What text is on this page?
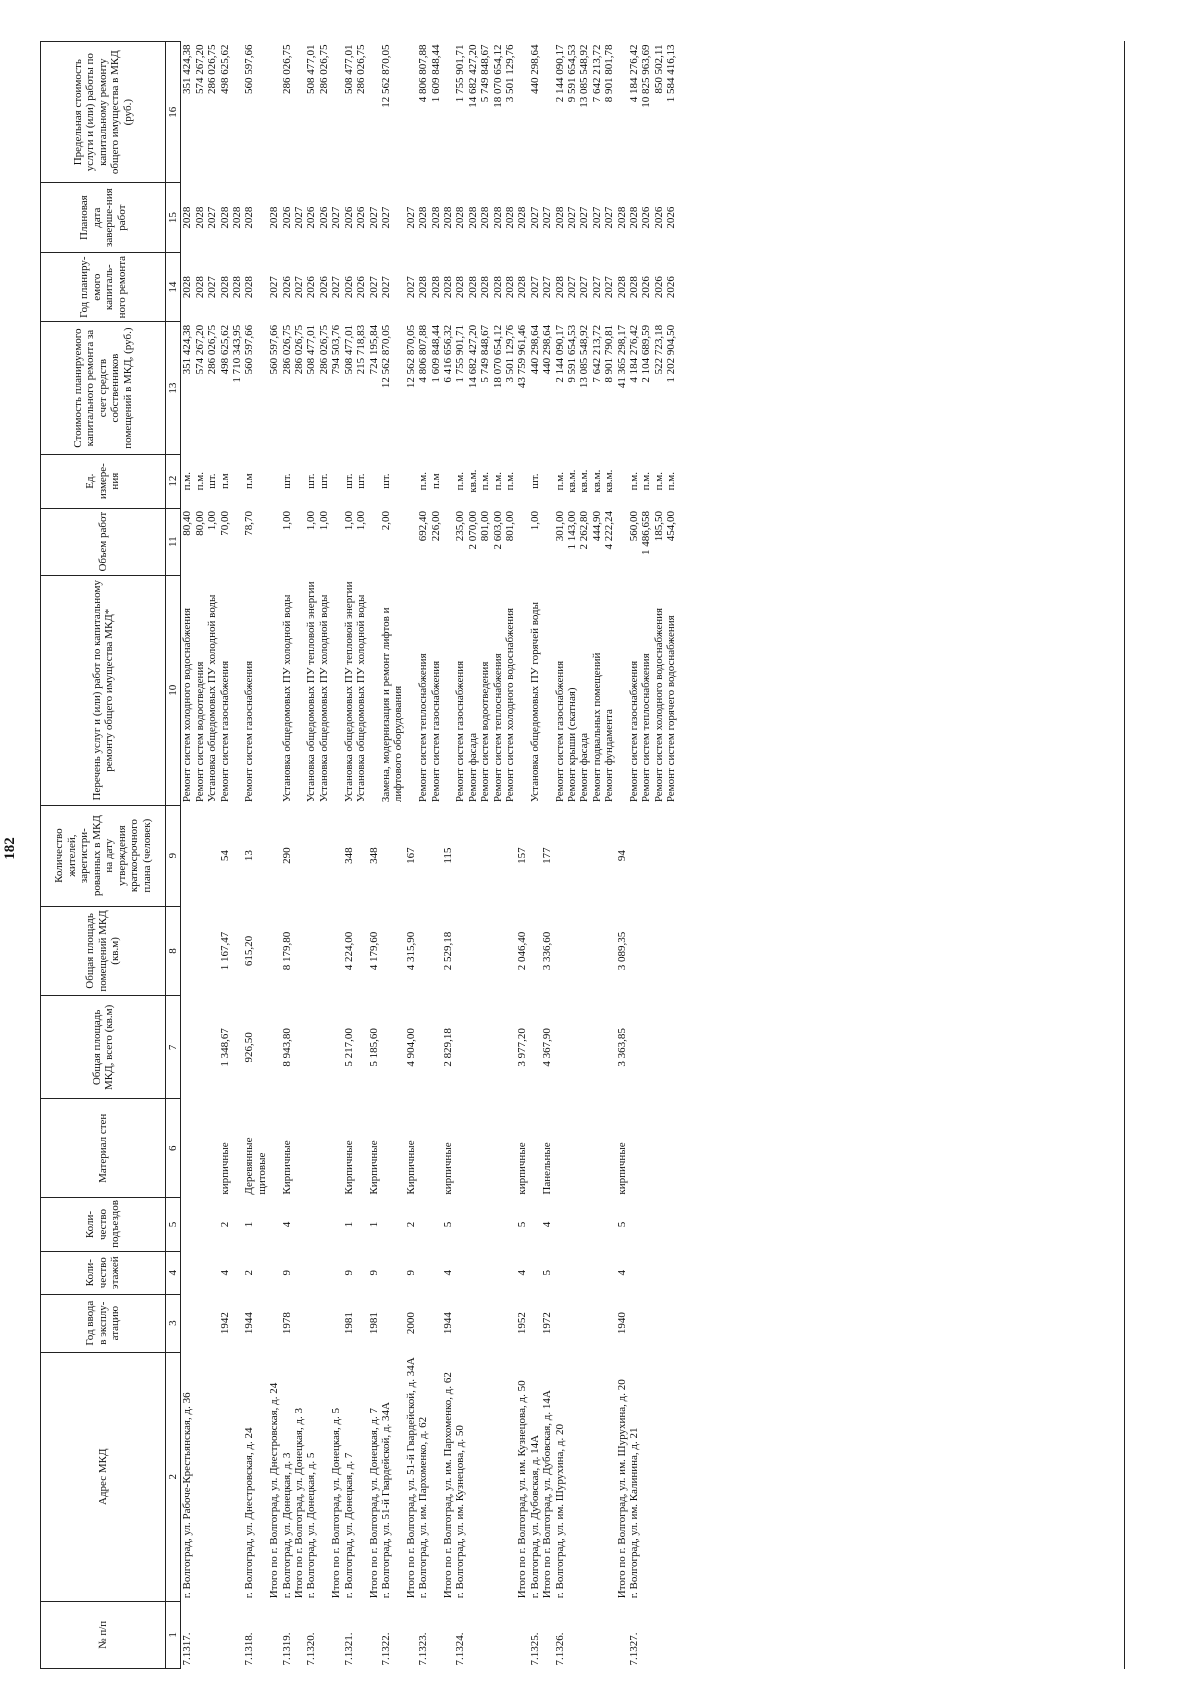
182
№ п/п	Адрес МКД	Год ввода в эксплу-атацию	Коли-чество этажей	Коли-чество подъездов	Материал стен	Общая площадь МКД, всего (кв.м)	Общая площадь помещений МКД (кв.м)	Количество жителей, зарегистри-рованных в МКД на дату утверждения краткосрочного плана (человек)	Перечень услуг и (или) работ по капитальному ремонту общего имущества МКД*	Объем работ	Ед. измере-ния	Стоимость планируемого капитального ремонта за счет средств собственников помещений в МКД, (руб.)	Год планиру-емого капиталь-ного ремонта	Плановая дата заверше-ния работ	Предельная стоимость услуги и (или) работы по капитальному ремонту общего имущества в МКД (руб.)
1	2	3	4	5	6	7	8	9	10	11	12	13	14	15	16
7.1317.	г. Волгоград, ул. Рабоче-Крестьянская, д. 36								Ремонт систем холодного водоснабжения	80,40	п.м.	351 424,38	2028	2028	351 424,38
									Ремонт систем водоотведения	80,00	п.м.	574 267,20	2028	2028	574 267,20
									Установка общедомовых ПУ холодной воды	1,00	шт.	286 026,75	2027	2027	286 026,75
		1942	4	2	кирпичные	1 348,67	1 167,47	54	Ремонт систем газоснабжения	70,00	п.м	498 625,62	2028	2028	498 625,62
												1 710 343,95	2028	2028	
7.1318.	г. Волгоград, ул. Днестровская, д. 24	1944	2	1	Деревянные щитовые	926,50	615,20	13	Ремонт систем газоснабжения	78,70	п.м	560 597,66	2028	2028	560 597,66
	Итого по г. Волгоград, ул. Днестровская, д. 24											560 597,66	2027	2028	
7.1319.	г. Волгоград, ул. Донецкая, д. 3	1978	9	4	Кирпичные	8 943,80	8 179,80	290	Установка общедомовых ПУ холодной воды	1,00	шт.	286 026,75	2026	2026	286 026,75
	Итого по г. Волгоград, ул. Донецкая, д. 3											286 026,75	2027	2027	
7.1320.	г. Волгоград, ул. Донецкая, д. 5								Установка общедомовых ПУ тепловой энергии	1,00	шт.	508 477,01	2026	2026	508 477,01
									Установка общедомовых ПУ холодной воды	1,00	шт.	286 026,75	2026	2026	286 026,75
	Итого по г. Волгоград, ул. Донецкая, д. 5											794 503,76	2027	2027	
7.1321.	г. Волгоград, ул. Донецкая, д. 7	1981	9	1	Кирпичные	5 217,00	4 224,00	348	Установка общедомовых ПУ тепловой энергии	1,00	шт.	508 477,01	2026	2026	508 477,01
									Установка общедомовых ПУ холодной воды	1,00	шт.	215 718,83	2026	2026	286 026,75
	Итого по г. Волгоград, ул. Донецкая, д. 7	1981	9	1	Кирпичные	5 185,60	4 179,60	348				724 195,84	2027	2027	
7.1322.	г. Волгоград, ул. 51-й Гвардейской, д. 34А								Замена, модернизация и ремонт лифтов и лифтового оборудования	2,00	шт.	12 562 870,05	2027	2027	12 562 870,05
	Итого по г. Волгоград, ул. 51-й Гвардейской, д. 34А	2000	9	2	Кирпичные	4 904,00	4 315,90	167				12 562 870,05	2027	2027	
7.1323.	г. Волгоград, ул. им. Пархоменко, д. 62								Ремонт систем теплоснабжения	692,40	п.м.	4 806 807,88	2028	2028	4 806 807,88
									Ремонт систем газоснабжения	226,00	п.м	1 609 848,44	2028	2028	1 609 848,44
	Итого по г. Волгоград, ул. им. Пархоменко, д. 62	1944	4	5	кирпичные	2 829,18	2 529,18	115				6 416 656,32	2028	2028	
7.1324.	г. Волгоград, ул. им. Кузнецова, д. 50								Ремонт систем газоснабжения	235,00	п.м.	1 755 901,71	2028	2028	1 755 901,71
									Ремонт фасада	2 070,00	кв.м.	14 682 427,20	2028	2028	14 682 427,20
									Ремонт систем водоотведения	801,00	п.м.	5 749 848,67	2028	2028	5 749 848,67
									Ремонт систем теплоснабжения	2 603,00	п.м.	18 070 654,12	2028	2028	18 070 654,12
									Ремонт систем холодного водоснабжения	801,00	п.м.	3 501 129,76	2028	2028	3 501 129,76
	Итого по г. Волгоград, ул. им. Кузнецова, д. 50	1952	4	5	кирпичные	3 977,20	2 046,40	157				43 759 961,46	2028	2028	
7.1325.	г. Волгоград, ул. Дубовская, д. 14А								Установка общедомовых ПУ горячей воды	1,00	шт.	440 298,64	2027	2027	440 298,64
	Итого по г. Волгоград, ул. Дубовская, д. 14А	1972	5	4	Панельные	4 367,90	3 336,60	177				440 298,64	2027	2027	
7.1326.	г. Волгоград, ул. им. Шурухина, д. 20								Ремонт систем газоснабжения	301,00	п.м.	2 144 090,17	2028	2028	2 144 090,17
									Ремонт крыши (скатная)	1 143,00	кв.м.	9 591 654,53	2027	2027	9 591 654,53
									Ремонт фасада	2 262,80	кв.м.	13 085 548,92	2027	2027	13 085 548,92
									Ремонт подвальных помещений	444,90	кв.м.	7 642 213,72	2027	2027	7 642 213,72
									Ремонт фундамента	4 222,24	кв.м.	8 901 790,81	2027	2027	8 901 801,78
	Итого по г. Волгоград, ул. им. Шурухина, д. 20	1940	4	5	кирпичные	3 363,85	3 089,35	94				41 365 298,17	2028	2028	
7.1327.	г. Волгоград, ул. им. Калинина, д. 21								Ремонт систем газоснабжения	560,00	п.м.	4 184 276,42	2028	2028	4 184 276,42
									Ремонт систем теплоснабжения	1 486,658	п.м.	2 104 689,59	2026	2026	10 825 963,69
									Ремонт систем холодного водоснабжения	185,50	п.м.	522 723,18	2026	2026	850 502,11
									Ремонт систем горячего водоснабжения	454,00	п.м.	1 202 904,50	2026	2026	1 584 416,13
